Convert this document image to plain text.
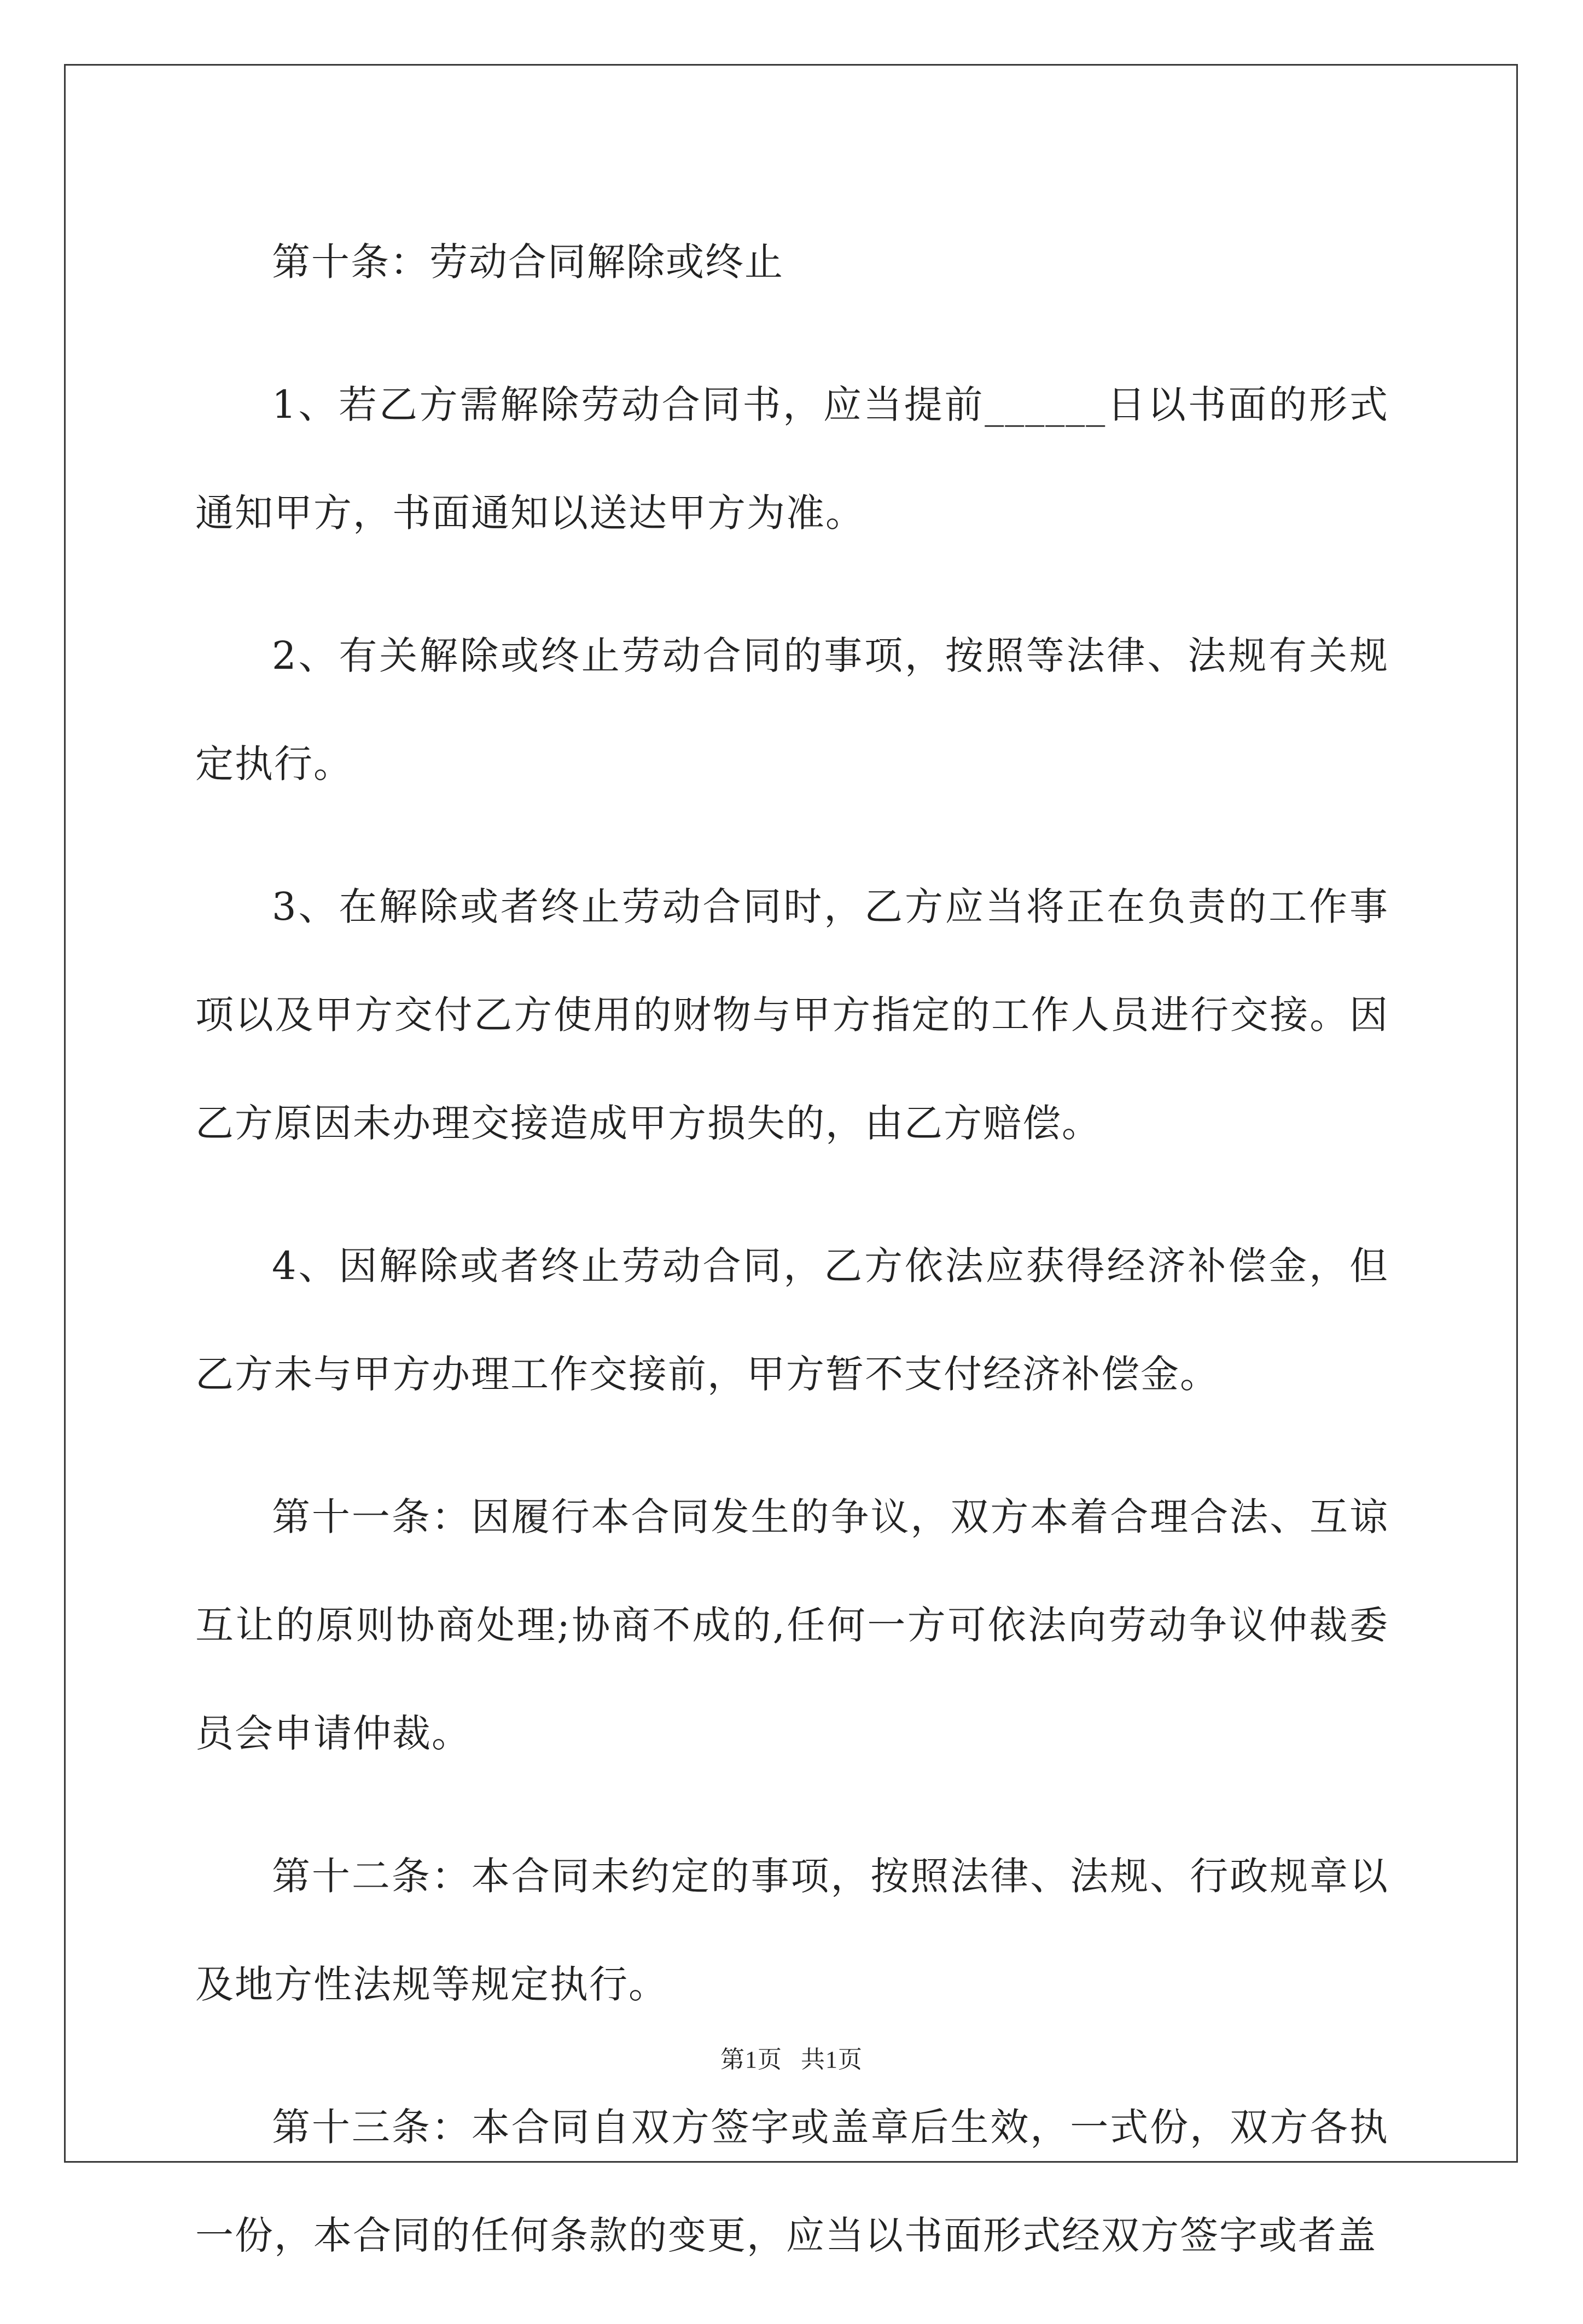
第十条：劳动合同解除或终止

1、若乙方需解除劳动合同书，应当提前______日以书面的形式通知甲方，书面通知以送达甲方为准。

2、有关解除或终止劳动合同的事项，按照等法律、法规有关规定执行。

3、在解除或者终止劳动合同时，乙方应当将正在负责的工作事项以及甲方交付乙方使用的财物与甲方指定的工作人员进行交接。因乙方原因未办理交接造成甲方损失的，由乙方赔偿。

4、因解除或者终止劳动合同，乙方依法应获得经济补偿金，但乙方未与甲方办理工作交接前，甲方暂不支付经济补偿金。

第十一条：因履行本合同发生的争议，双方本着合理合法、互谅互让的原则协商处理;协商不成的,任何一方可依法向劳动争议仲裁委员会申请仲裁。

第十二条：本合同未约定的事项，按照法律、法规、行政规章以及地方性法规等规定执行。

第十三条：本合同自双方签字或盖章后生效，一式份，双方各执一份，本合同的任何条款的变更，应当以书面形式经双方签字或者盖

第1页 共1页
